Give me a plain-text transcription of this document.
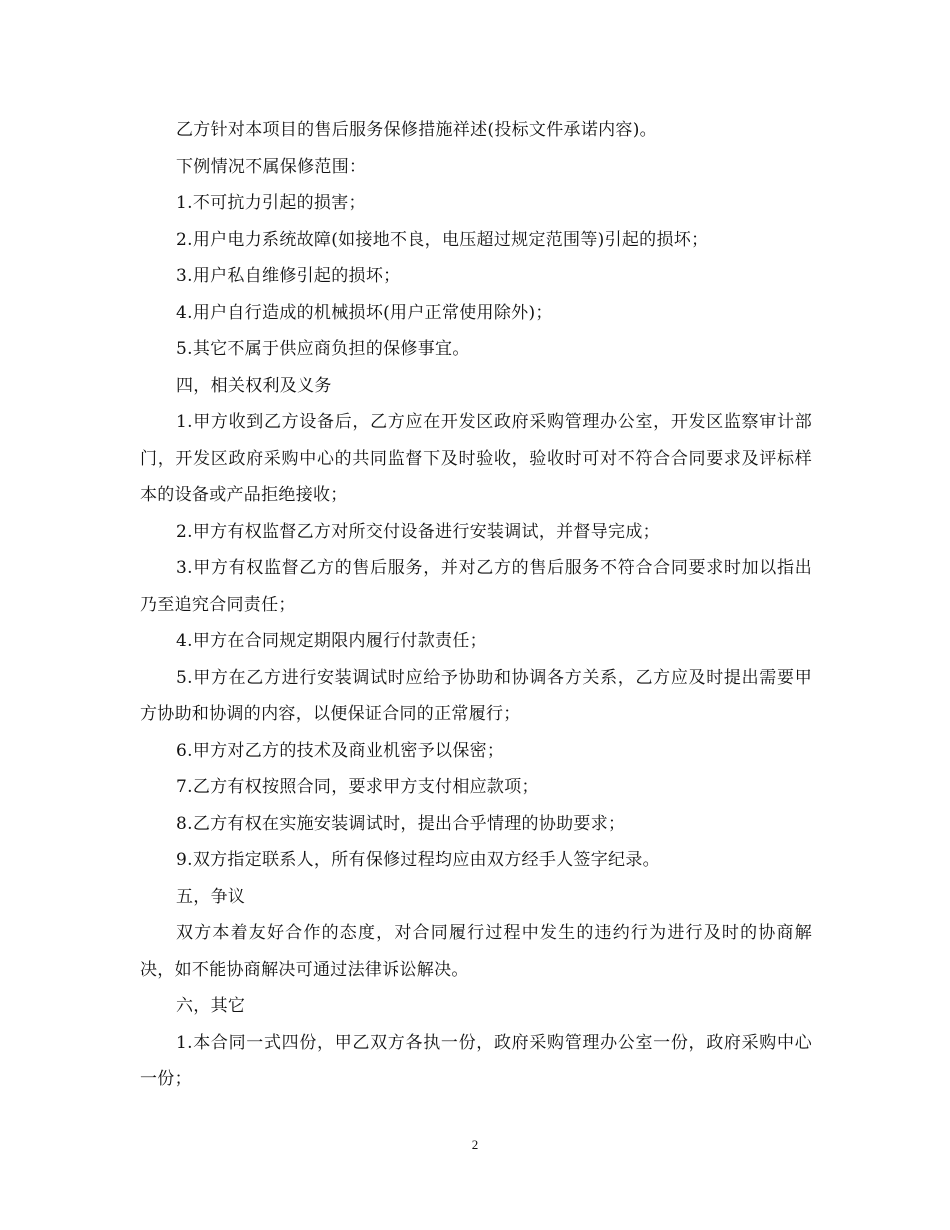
乙方针对本项目的售后服务保修措施祥述(投标文件承诺内容)。

下例情况不属保修范围：

1.不可抗力引起的损害；

2.用户电力系统故障(如接地不良，电压超过规定范围等)引起的损坏；

3.用户私自维修引起的损坏；

4.用户自行造成的机械损坏(用户正常使用除外)；

5.其它不属于供应商负担的保修事宜。

四，相关权利及义务

1.甲方收到乙方设备后，乙方应在开发区政府采购管理办公室，开发区监察审计部门，开发区政府采购中心的共同监督下及时验收，验收时可对不符合合同要求及评标样本的设备或产品拒绝接收；

2.甲方有权监督乙方对所交付设备进行安装调试，并督导完成；

3.甲方有权监督乙方的售后服务，并对乙方的售后服务不符合合同要求时加以指出乃至追究合同责任；

4.甲方在合同规定期限内履行付款责任；

5.甲方在乙方进行安装调试时应给予协助和协调各方关系，乙方应及时提出需要甲方协助和协调的内容，以便保证合同的正常履行；

6.甲方对乙方的技术及商业机密予以保密；

7.乙方有权按照合同，要求甲方支付相应款项；

8.乙方有权在实施安装调试时，提出合乎情理的协助要求；

9.双方指定联系人，所有保修过程均应由双方经手人签字纪录。

五，争议

双方本着友好合作的态度，对合同履行过程中发生的违约行为进行及时的协商解决，如不能协商解决可通过法律诉讼解决。

六，其它

1.本合同一式四份，甲乙双方各执一份，政府采购管理办公室一份，政府采购中心一份；

2
